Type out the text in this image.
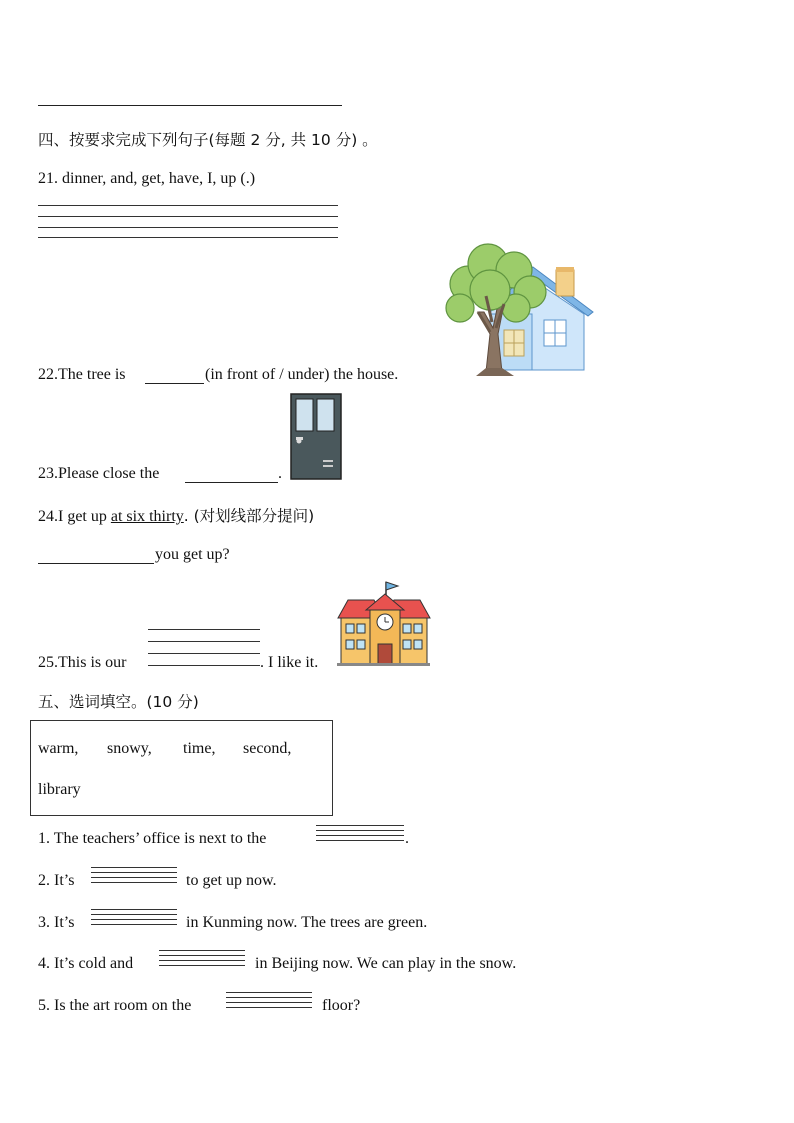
四、按要求完成下列句子(每题 2 分, 共 10 分) 。
21. dinner, and, get, have, I, up (.)
22.The tree is	(in front of / under) the house.
23.Please close the	.
24.I get up at six thirty. (对划线部分提问)
you get up?
25.This is our	. I like it.
五、选词填空。(10 分)
warm, snowy, time, second,
library
1. The teachers’ office is next to the	.
2. It’s	to get up now.
3. It’s	in Kunming now. The trees are green.
4. It’s cold and	in Beijing now. We can play in the snow.
5. Is the art room on the	floor?
